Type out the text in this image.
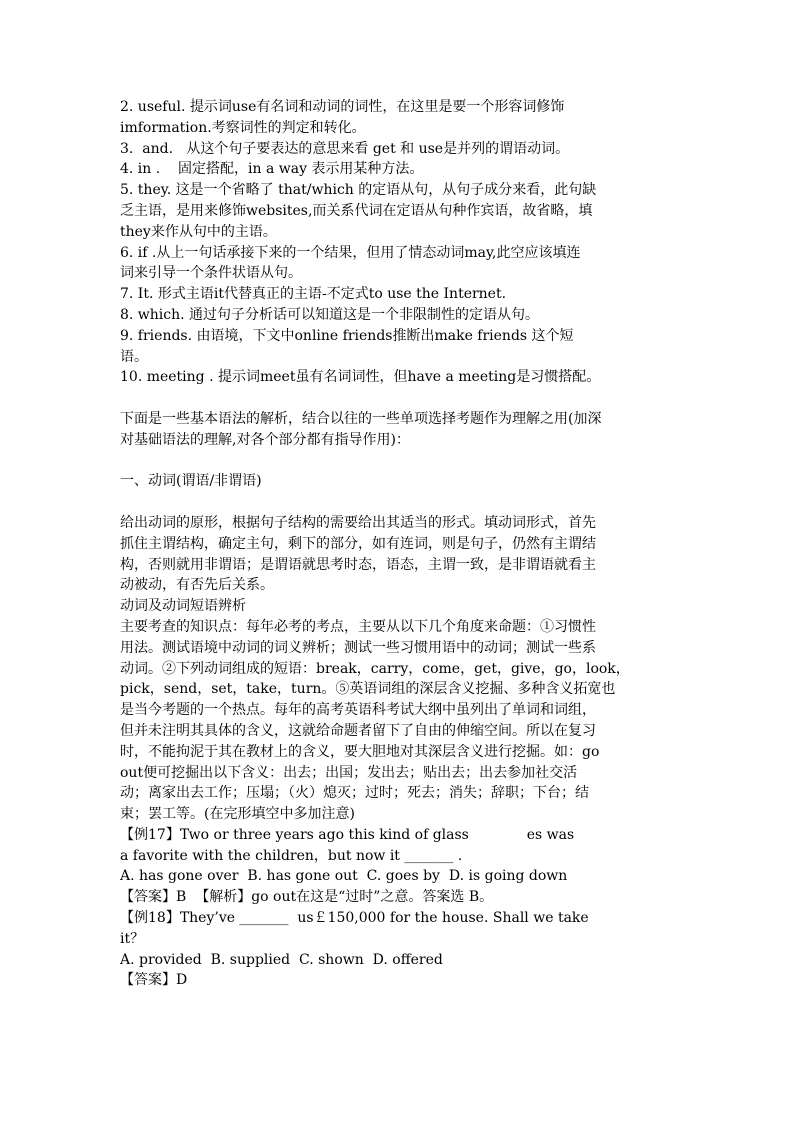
2. useful. 提示词use有名词和动词的词性，在这里是要一个形容词修饰
imformation.考察词性的判定和转化。
3.  and.   从这个句子要表达的意思来看 get 和 use是并列的谓语动词。
4. in .    固定搭配，in a way 表示用某种方法。
5. they. 这是一个省略了 that/which 的定语从句，从句子成分来看，此句缺
乏主语，是用来修饰websites,而关系代词在定语从句种作宾语，故省略，填
they来作从句中的主语。
6. if .从上一句话承接下来的一个结果，但用了情态动词may,此空应该填连
词来引导一个条件状语从句。
7. It. 形式主语it代替真正的主语-不定式to use the Internet.
8. which. 通过句子分析话可以知道这是一个非限制性的定语从句。
9. friends. 由语境，下文中online friends推断出make friends 这个短
语。
10. meeting . 提示词meet虽有名词词性，但have a meeting是习惯搭配。
下面是一些基本语法的解析，结合以往的一些单项选择考题作为理解之用(加深
对基础语法的理解,对各个部分都有指导作用)：
一、动词(谓语/非谓语)
给出动词的原形，根据句子结构的需要给出其适当的形式。填动词形式，首先
抓住主谓结构，确定主句，剩下的部分，如有连词，则是句子，仍然有主谓结
构，否则就用非谓语；是谓语就思考时态，语态，主谓一致，是非谓语就看主
动被动，有否先后关系。
动词及动词短语辨析
主要考查的知识点：每年必考的考点，主要从以下几个角度来命题：①习惯性
用法。测试语境中动词的词义辨析；测试一些习惯用语中的动词；测试一些系
动词。②下列动词组成的短语：break，carry，come，get，give，go，look，
pick，send，set，take，turn。⑤英语词组的深层含义挖掘、多种含义拓宽也
是当今考题的一个热点。每年的高考英语科考试大纲中虽列出了单词和词组，
但并未注明其具体的含义，这就给命题者留下了自由的伸缩空间。所以在复习
时，不能拘泥于其在教材上的含义，要大胆地对其深层含义进行挖掘。如：go
out便可挖掘出以下含义：出去；出国；发出去；贴出去；出去参加社交活
动；离家出去工作；压塌；（火）熄灭；过时；死去；消失；辞职；下台；结
束；罢工等。(在完形填空中多加注意)
【例17】Two or three years ago this kind of glass             es was
a favorite with the children，but now it _______ .
A. has gone over  B. has gone out  C. goes by  D. is going down
【答案】B  【解析】go out在这是“过时”之意。答案选 B。
【例18】They’ve _______  us￡150,000 for the house. Shall we take
it？
A. provided  B. supplied  C. shown  D. offered
【答案】D
